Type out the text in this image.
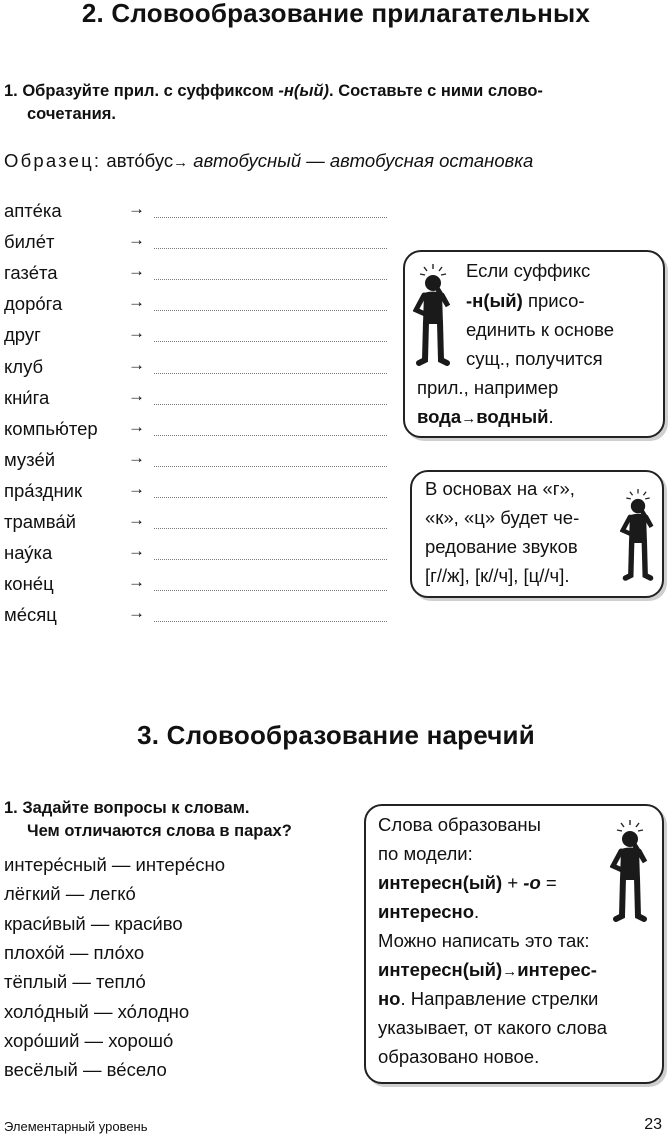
2. Словообразование прилагательных
1. Образуйте прил. с суффиксом -н(ый). Составьте с ними слово-
сочетания.
Образец: авто́бус→ автобусный — автобусная остановка
апте́ка	→
биле́т	→
газе́та	→
доро́га	→
друг	→
клуб	→
кни́га	→
компью́тер →
музе́й	→
пра́здник	→
трамва́й	→
нау́ка	→
коне́ц	→
ме́сяц	→
Если суффикс
-н(ый) присо-
единить к основе
сущ., получится
прил., например
вода→водный.
В основах на «г»,
«к», «ц» будет че-
редование звуков
[г//ж], [к//ч], [ц//ч].
3. Словообразование наречий
1. Задайте вопросы к словам.
Чем отличаются слова в парах?
интере́сный — интере́сно
лёгкий — легко́
краси́вый — краси́во
плохо́й — пло́хо
тёплый — тепло́
холо́дный — хо́лодно
хоро́ший — хорошо́
весёлый — ве́село
Слова образованы
по модели:
интересн(ый) + -о =
интересно.
Можно написать это так:
интересн(ый)→интерес-
но. Направление стрелки
указывает, от какого слова
образовано новое.
Элементарный уровень	23
